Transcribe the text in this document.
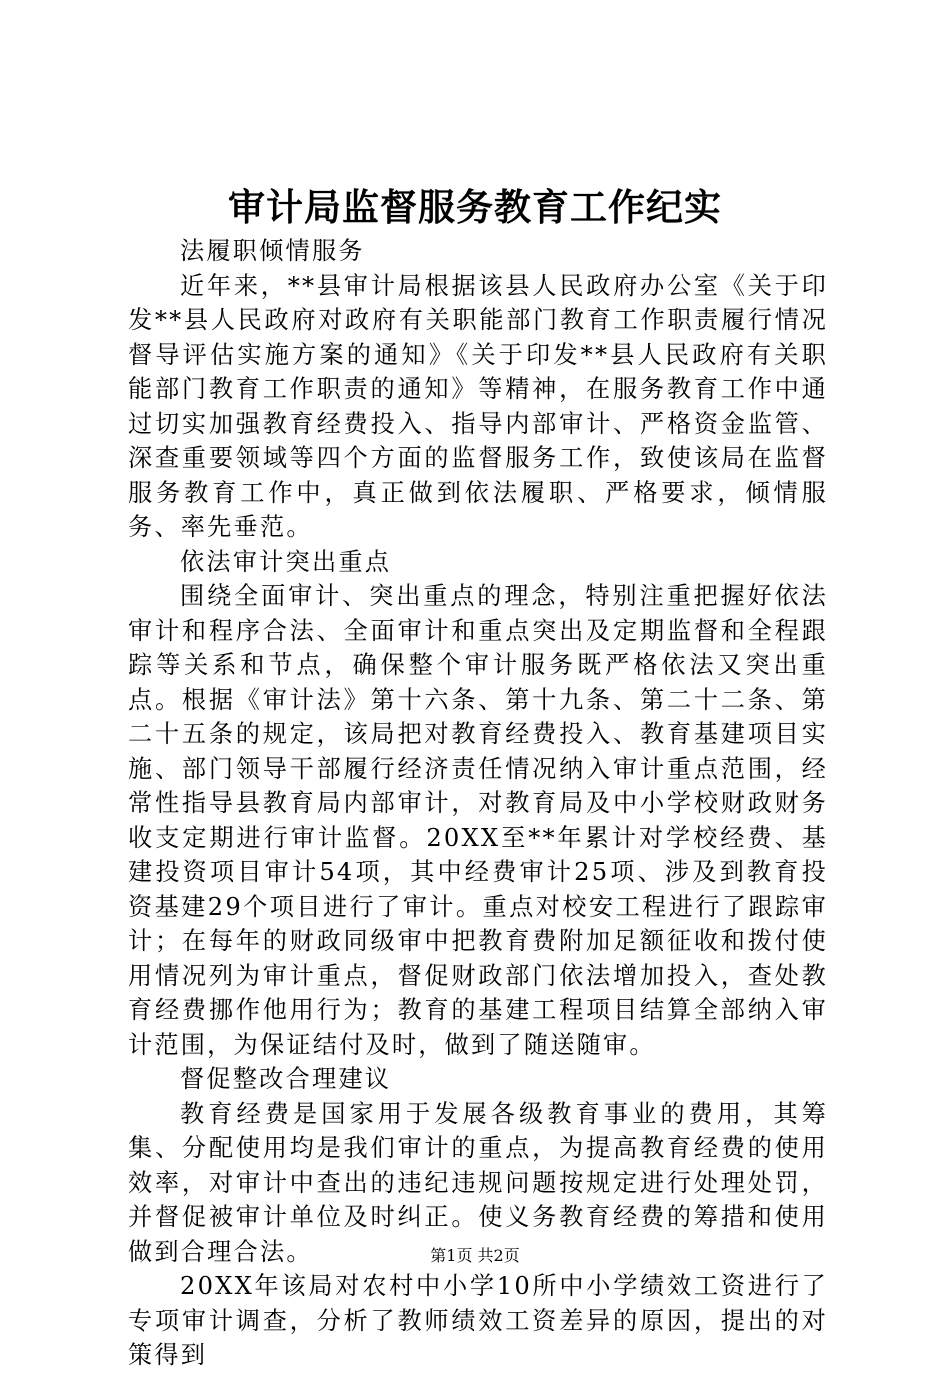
审计局监督服务教育工作纪实

法履职倾情服务

近年来，**县审计局根据该县人民政府办公室《关于印发**县人民政府对政府有关职能部门教育工作职责履行情况督导评估实施方案的通知》《关于印发**县人民政府有关职能部门教育工作职责的通知》等精神，在服务教育工作中通过切实加强教育经费投入、指导内部审计、严格资金监管、深查重要领域等四个方面的监督服务工作，致使该局在监督服务教育工作中，真正做到依法履职、严格要求，倾情服务、率先垂范。

依法审计突出重点

围绕全面审计、突出重点的理念，特别注重把握好依法审计和程序合法、全面审计和重点突出及定期监督和全程跟踪等关系和节点，确保整个审计服务既严格依法又突出重点。根据《审计法》第十六条、第十九条、第二十二条、第二十五条的规定，该局把对教育经费投入、教育基建项目实施、部门领导干部履行经济责任情况纳入审计重点范围，经常性指导县教育局内部审计，对教育局及中小学校财政财务收支定期进行审计监督。20XX至**年累计对学校经费、基建投资项目审计54项，其中经费审计25项、涉及到教育投资基建29个项目进行了审计。重点对校安工程进行了跟踪审计；在每年的财政同级审中把教育费附加足额征收和拨付使用情况列为审计重点，督促财政部门依法增加投入，查处教育经费挪作他用行为；教育的基建工程项目结算全部纳入审计范围，为保证结付及时，做到了随送随审。

督促整改合理建议

教育经费是国家用于发展各级教育事业的费用，其筹集、分配使用均是我们审计的重点，为提高教育经费的使用效率，对审计中查出的违纪违规问题按规定进行处理处罚，并督促被审计单位及时纠正。使义务教育经费的筹措和使用做到合理合法。

20XX年该局对农村中小学10所中小学绩效工资进行了专项审计调查，分析了教师绩效工资差异的原因，提出的对策得到

第1页 共2页
